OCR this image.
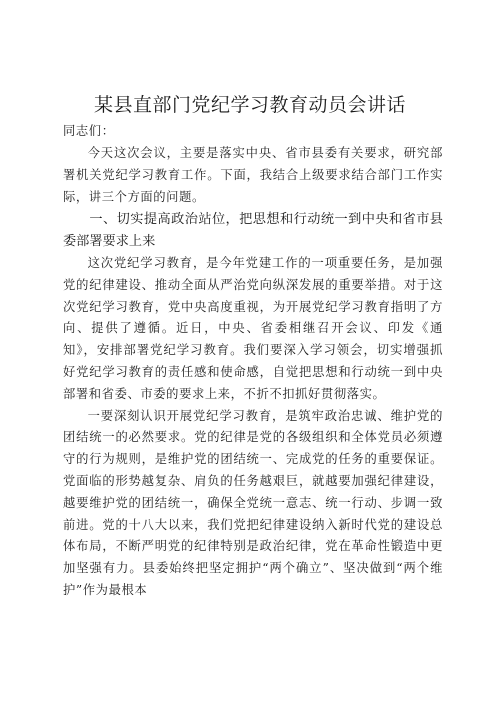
某县直部门党纪学习教育动员会讲话
同志们：

今天这次会议，主要是落实中央、省市县委有关要求，研究部署机关党纪学习教育工作。下面，我结合上级要求结合部门工作实际，讲三个方面的问题。

一、切实提高政治站位，把思想和行动统一到中央和省市县委部署要求上来

这次党纪学习教育，是今年党建工作的一项重要任务，是加强党的纪律建设、推动全面从严治党向纵深发展的重要举措。对于这次党纪学习教育，党中央高度重视，为开展党纪学习教育指明了方向、提供了遵循。近日，中央、省委相继召开会议、印发《通知》，安排部署党纪学习教育。我们要深入学习领会，切实增强抓好党纪学习教育的责任感和使命感，自觉把思想和行动统一到中央部署和省委、市委的要求上来，不折不扣抓好贯彻落实。

一要深刻认识开展党纪学习教育，是筑牢政治忠诚、维护党的团结统一的必然要求。党的纪律是党的各级组织和全体党员必须遵守的行为规则，是维护党的团结统一、完成党的任务的重要保证。党面临的形势越复杂、肩负的任务越艰巨，就越要加强纪律建设，越要维护党的团结统一，确保全党统一意志、统一行动、步调一致前进。党的十八大以来，我们党把纪律建设纳入新时代党的建设总体布局，不断严明党的纪律特别是政治纪律，党在革命性锻造中更加坚强有力。县委始终把坚定拥护“两个确立”、坚决做到“两个维护”作为最根本
